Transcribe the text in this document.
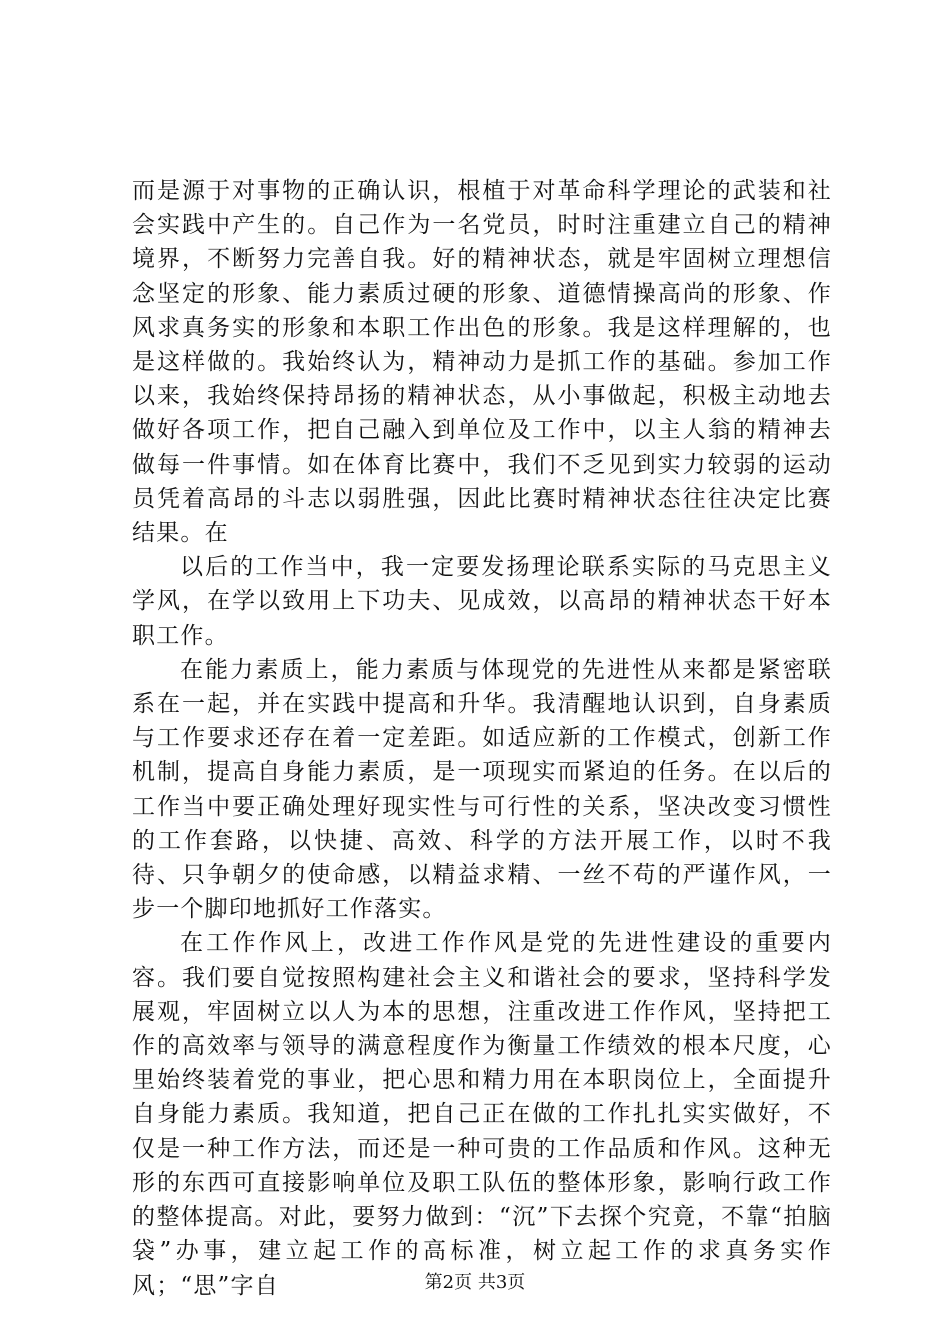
而是源于对事物的正确认识，根植于对革命科学理论的武装和社会实践中产生的。自己作为一名党员，时时注重建立自己的精神境界，不断努力完善自我。好的精神状态，就是牢固树立理想信念坚定的形象、能力素质过硬的形象、道德情操高尚的形象、作风求真务实的形象和本职工作出色的形象。我是这样理解的，也是这样做的。我始终认为，精神动力是抓工作的基础。参加工作以来，我始终保持昂扬的精神状态，从小事做起，积极主动地去做好各项工作，把自己融入到单位及工作中，以主人翁的精神去做每一件事情。如在体育比赛中，我们不乏见到实力较弱的运动员凭着高昂的斗志以弱胜强，因此比赛时精神状态往往决定比赛结果。在

以后的工作当中，我一定要发扬理论联系实际的马克思主义学风，在学以致用上下功夫、见成效，以高昂的精神状态干好本职工作。

在能力素质上，能力素质与体现党的先进性从来都是紧密联系在一起，并在实践中提高和升华。我清醒地认识到，自身素质与工作要求还存在着一定差距。如适应新的工作模式，创新工作机制，提高自身能力素质，是一项现实而紧迫的任务。在以后的工作当中要正确处理好现实性与可行性的关系，坚决改变习惯性的工作套路，以快捷、高效、科学的方法开展工作，以时不我待、只争朝夕的使命感，以精益求精、一丝不苟的严谨作风，一步一个脚印地抓好工作落实。

在工作作风上，改进工作作风是党的先进性建设的重要内容。我们要自觉按照构建社会主义和谐社会的要求，坚持科学发展观，牢固树立以人为本的思想，注重改进工作作风，坚持把工作的高效率与领导的满意程度作为衡量工作绩效的根本尺度，心里始终装着党的事业，把心思和精力用在本职岗位上，全面提升自身能力素质。我知道，把自己正在做的工作扎扎实实做好，不仅是一种工作方法，而还是一种可贵的工作品质和作风。这种无形的东西可直接影响单位及职工队伍的整体形象，影响行政工作的整体提高。对此，要努力做到：“沉”下去探个究竟，不靠“拍脑袋”办事，建立起工作的高标准，树立起工作的求真务实作风；“思”字自	第2页 共3页
